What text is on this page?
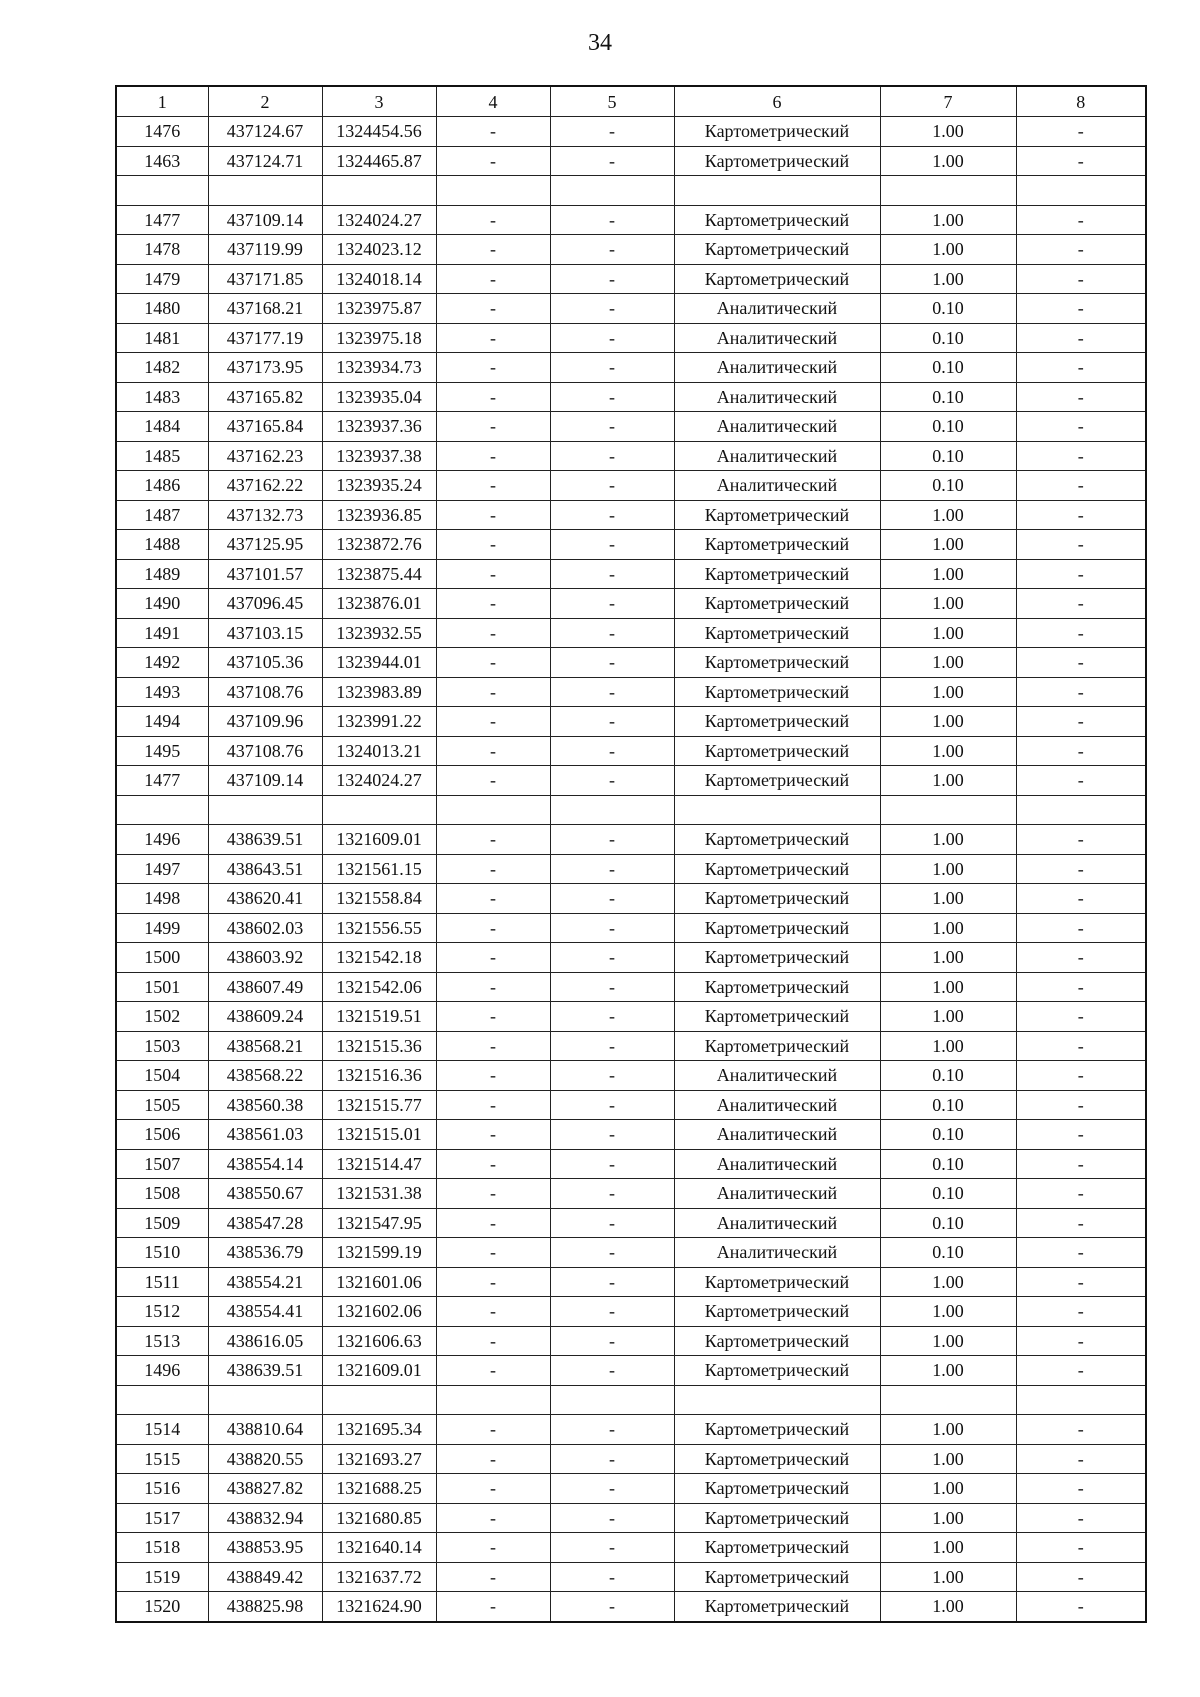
34
1	2	3	4	5	6	7	8
1476	437124.67	1324454.56	-	-	Картометрический	1.00	-
1463	437124.71	1324465.87	-	-	Картометрический	1.00	-

1477	437109.14	1324024.27	-	-	Картометрический	1.00	-
1478	437119.99	1324023.12	-	-	Картометрический	1.00	-
1479	437171.85	1324018.14	-	-	Картометрический	1.00	-
1480	437168.21	1323975.87	-	-	Аналитический	0.10	-
1481	437177.19	1323975.18	-	-	Аналитический	0.10	-
1482	437173.95	1323934.73	-	-	Аналитический	0.10	-
1483	437165.82	1323935.04	-	-	Аналитический	0.10	-
1484	437165.84	1323937.36	-	-	Аналитический	0.10	-
1485	437162.23	1323937.38	-	-	Аналитический	0.10	-
1486	437162.22	1323935.24	-	-	Аналитический	0.10	-
1487	437132.73	1323936.85	-	-	Картометрический	1.00	-
1488	437125.95	1323872.76	-	-	Картометрический	1.00	-
1489	437101.57	1323875.44	-	-	Картометрический	1.00	-
1490	437096.45	1323876.01	-	-	Картометрический	1.00	-
1491	437103.15	1323932.55	-	-	Картометрический	1.00	-
1492	437105.36	1323944.01	-	-	Картометрический	1.00	-
1493	437108.76	1323983.89	-	-	Картометрический	1.00	-
1494	437109.96	1323991.22	-	-	Картометрический	1.00	-
1495	437108.76	1324013.21	-	-	Картометрический	1.00	-
1477	437109.14	1324024.27	-	-	Картометрический	1.00	-

1496	438639.51	1321609.01	-	-	Картометрический	1.00	-
1497	438643.51	1321561.15	-	-	Картометрический	1.00	-
1498	438620.41	1321558.84	-	-	Картометрический	1.00	-
1499	438602.03	1321556.55	-	-	Картометрический	1.00	-
1500	438603.92	1321542.18	-	-	Картометрический	1.00	-
1501	438607.49	1321542.06	-	-	Картометрический	1.00	-
1502	438609.24	1321519.51	-	-	Картометрический	1.00	-
1503	438568.21	1321515.36	-	-	Картометрический	1.00	-
1504	438568.22	1321516.36	-	-	Аналитический	0.10	-
1505	438560.38	1321515.77	-	-	Аналитический	0.10	-
1506	438561.03	1321515.01	-	-	Аналитический	0.10	-
1507	438554.14	1321514.47	-	-	Аналитический	0.10	-
1508	438550.67	1321531.38	-	-	Аналитический	0.10	-
1509	438547.28	1321547.95	-	-	Аналитический	0.10	-
1510	438536.79	1321599.19	-	-	Аналитический	0.10	-
1511	438554.21	1321601.06	-	-	Картометрический	1.00	-
1512	438554.41	1321602.06	-	-	Картометрический	1.00	-
1513	438616.05	1321606.63	-	-	Картометрический	1.00	-
1496	438639.51	1321609.01	-	-	Картометрический	1.00	-

1514	438810.64	1321695.34	-	-	Картометрический	1.00	-
1515	438820.55	1321693.27	-	-	Картометрический	1.00	-
1516	438827.82	1321688.25	-	-	Картометрический	1.00	-
1517	438832.94	1321680.85	-	-	Картометрический	1.00	-
1518	438853.95	1321640.14	-	-	Картометрический	1.00	-
1519	438849.42	1321637.72	-	-	Картометрический	1.00	-
1520	438825.98	1321624.90	-	-	Картометрический	1.00	-
